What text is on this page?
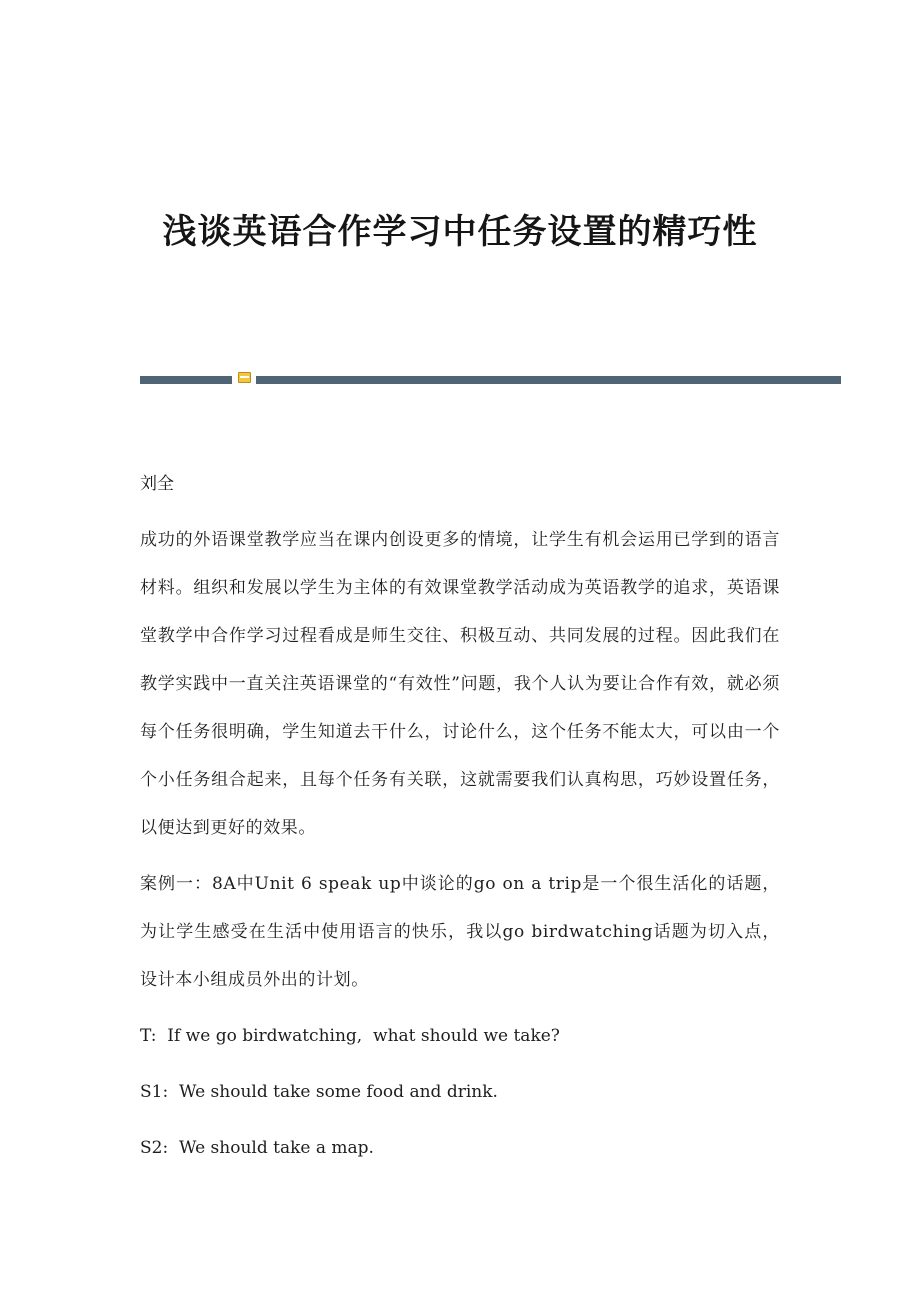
浅谈英语合作学习中任务设置的精巧性
刘全

成功的外语课堂教学应当在课内创设更多的情境，让学生有机会运用已学到的语言材料。组织和发展以学生为主体的有效课堂教学活动成为英语教学的追求，英语课堂教学中合作学习过程看成是师生交往、积极互动、共同发展的过程。因此我们在教学实践中一直关注英语课堂的“有效性”问题，我个人认为要让合作有效，就必须每个任务很明确，学生知道去干什么，讨论什么，这个任务不能太大，可以由一个个小任务组合起来，且每个任务有关联，这就需要我们认真构思，巧妙设置任务，以便达到更好的效果。

案例一：8A中Unit 6 speak up中谈论的go on a trip是一个很生活化的话题，为让学生感受在生活中使用语言的快乐，我以go birdwatching话题为切入点，设计本小组成员外出的计划。

T:  If we go birdwatching,  what should we take?
S1:  We should take some food and drink.
S2:  We should take a map.
